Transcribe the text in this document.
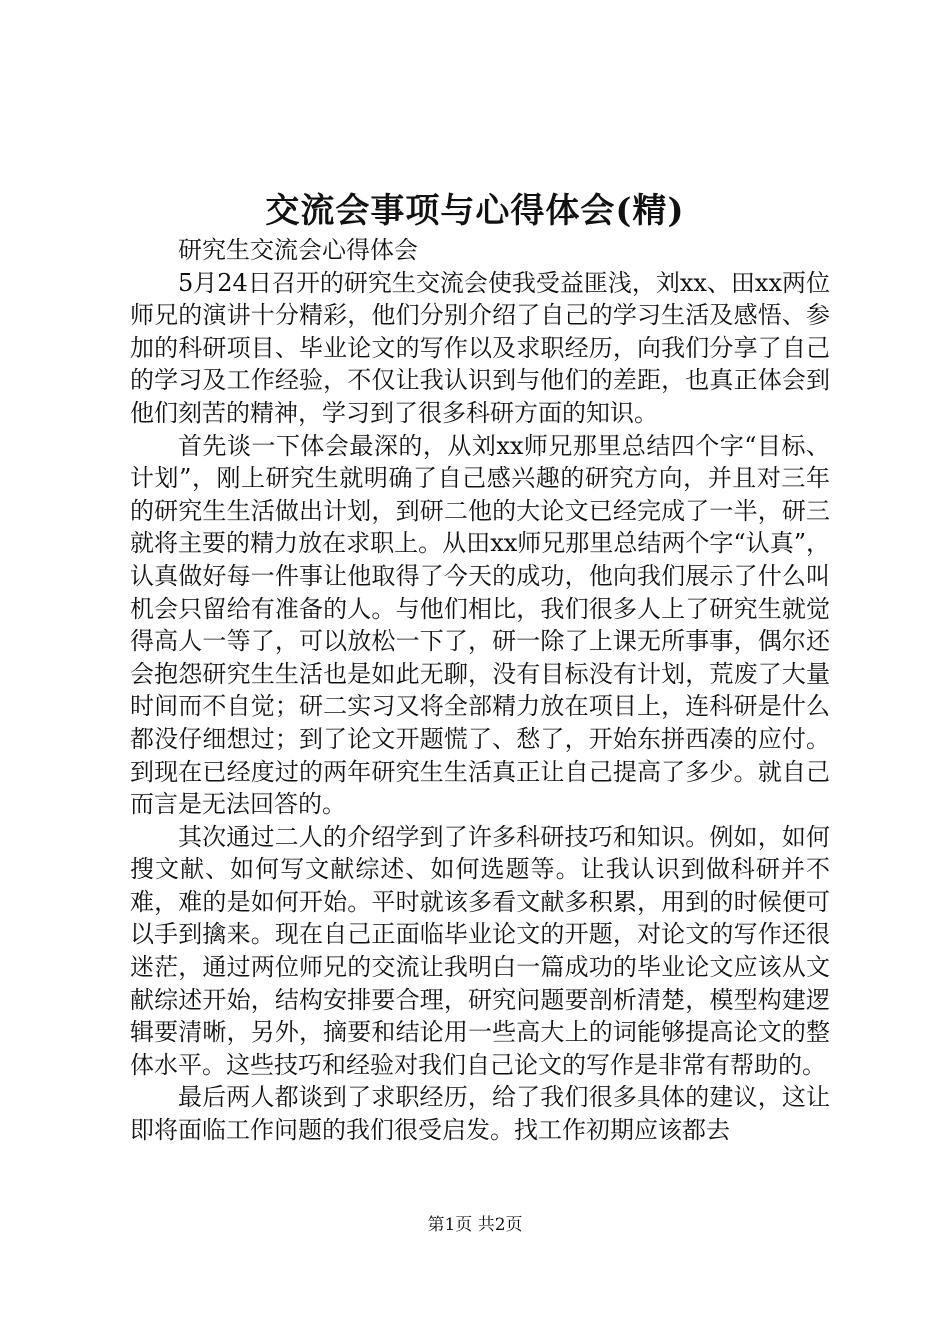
交流会事项与心得体会(精)

研究生交流会心得体会

5月24日召开的研究生交流会使我受益匪浅，刘xx、田xx两位师兄的演讲十分精彩，他们分别介绍了自己的学习生活及感悟、参加的科研项目、毕业论文的写作以及求职经历，向我们分享了自己的学习及工作经验，不仅让我认识到与他们的差距，也真正体会到他们刻苦的精神，学习到了很多科研方面的知识。

首先谈一下体会最深的，从刘xx师兄那里总结四个字“目标、计划”，刚上研究生就明确了自己感兴趣的研究方向，并且对三年的研究生生活做出计划，到研二他的大论文已经完成了一半，研三就将主要的精力放在求职上。从田xx师兄那里总结两个字“认真”，认真做好每一件事让他取得了今天的成功，他向我们展示了什么叫机会只留给有准备的人。与他们相比，我们很多人上了研究生就觉得高人一等了，可以放松一下了，研一除了上课无所事事，偶尔还会抱怨研究生生活也是如此无聊，没有目标没有计划，荒废了大量时间而不自觉；研二实习又将全部精力放在项目上，连科研是什么都没仔细想过；到了论文开题慌了、愁了，开始东拼西凑的应付。到现在已经度过的两年研究生生活真正让自己提高了多少。就自己而言是无法回答的。

其次通过二人的介绍学到了许多科研技巧和知识。例如，如何搜文献、如何写文献综述、如何选题等。让我认识到做科研并不难，难的是如何开始。平时就该多看文献多积累，用到的时候便可以手到擒来。现在自己正面临毕业论文的开题，对论文的写作还很迷茫，通过两位师兄的交流让我明白一篇成功的毕业论文应该从文献综述开始，结构安排要合理，研究问题要剖析清楚，模型构建逻辑要清晰，另外，摘要和结论用一些高大上的词能够提高论文的整体水平。这些技巧和经验对我们自己论文的写作是非常有帮助的。

最后两人都谈到了求职经历，给了我们很多具体的建议，这让即将面临工作问题的我们很受启发。找工作初期应该都去

第1页 共2页
